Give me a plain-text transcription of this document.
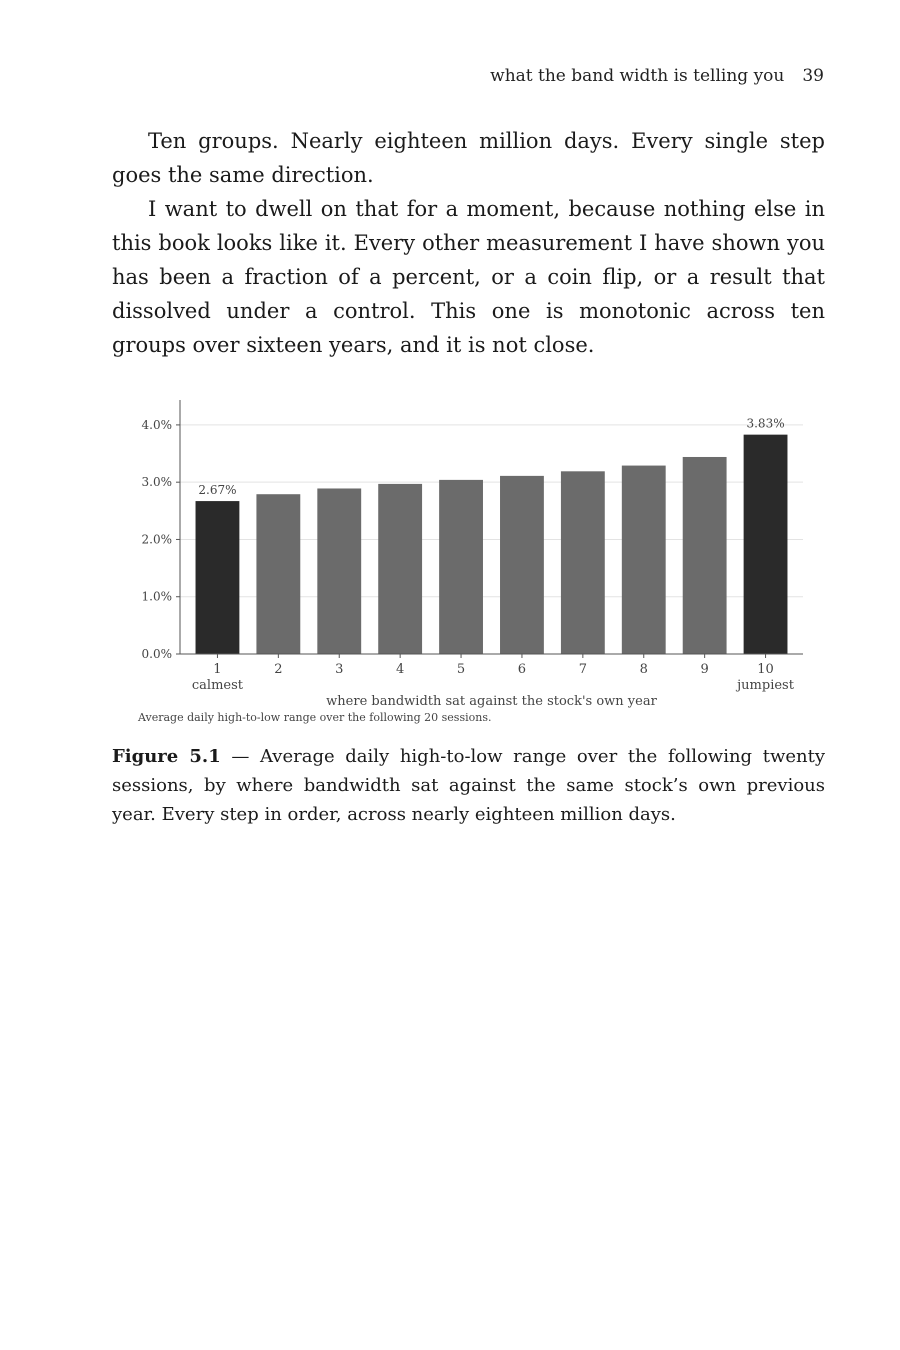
what the band width is telling you 39

Ten groups. Nearly eighteen million days. Every single step goes the same direction.

I want to dwell on that for a moment, because nothing else in this book looks like it. Every other measurement I have shown you has been a fraction of a percent, or a coin flip, or a result that dissolved under a control. This one is monotonic across ten groups over sixteen years, and it is not close.

0.0%
1.0%
2.0%
3.0%
4.0%
2.67%
1
calmest
2	3	4	5	6	7	8	9
3.83%
10
jumpiest
where bandwidth sat against the stock's own year
Average daily high-to-low range over the following 20 sessions.
Figure 5.1 — Average daily high-to-low range over the following twenty sessions, by where bandwidth sat against the same stock’s own previous year. Every step in order, across nearly eighteen million days.
